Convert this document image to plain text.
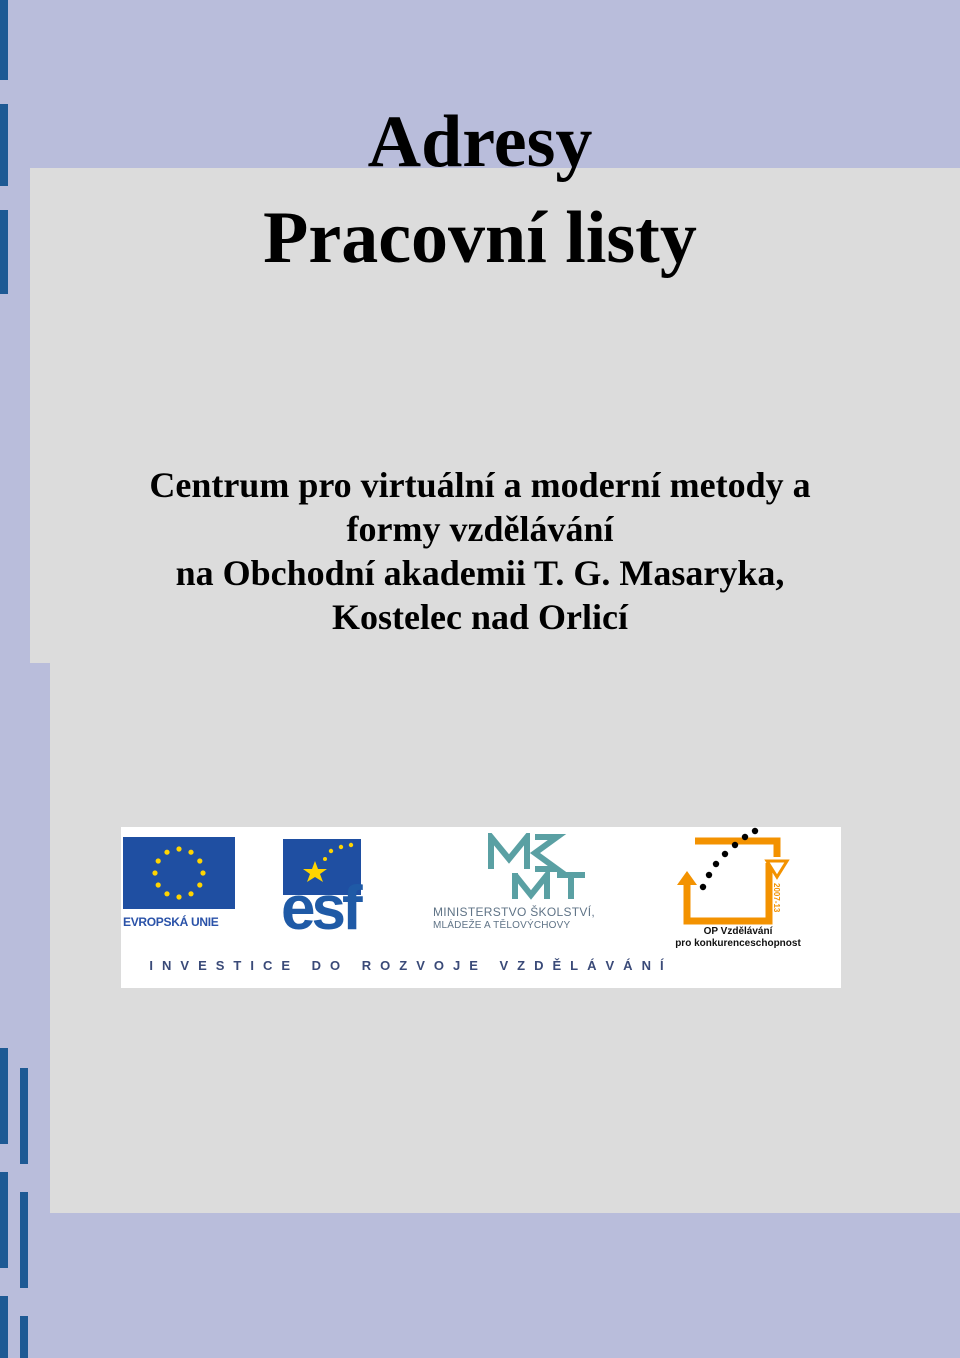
Adresy
Pracovní listy
Centrum pro virtuální a moderní metody a
formy vzdělávání
na Obchodní akademii T. G. Masaryka,
Kostelec nad Orlicí
EVROPSKÁ UNIE	esf	MINISTERSTVO ŠKOLSTVÍ,
MLÁDEŽE A TĚLOVÝCHOVY
2007-13
OP Vzdělávání
pro konkurenceschopnost
INVESTICE DO ROZVOJE VZDĚLÁVÁNÍ
